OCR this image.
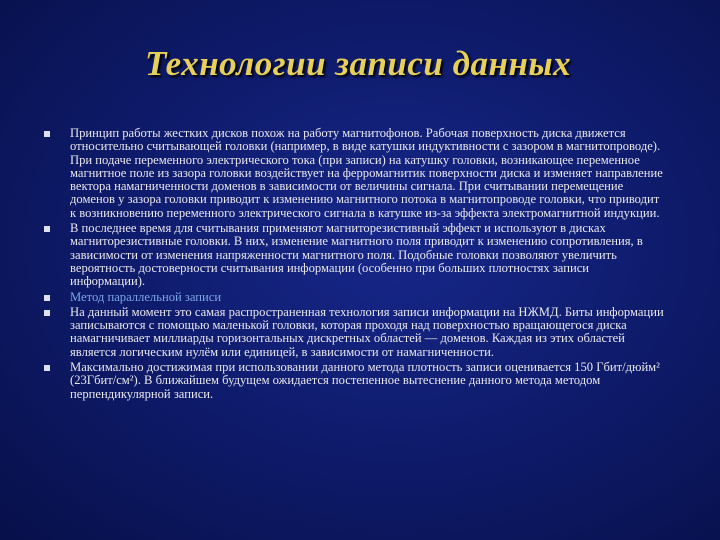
Технологии записи данных
Принцип работы жестких дисков похож на работу магнитофонов. Рабочая поверхность диска движется относительно считывающей головки (например, в виде катушки индуктивности с зазором в магнитопроводе). При подаче переменного электрического тока (при записи) на катушку головки, возникающее переменное магнитное поле из зазора головки воздействует на ферромагнитик поверхности диска и изменяет направление вектора намагниченности доменов в зависимости от величины сигнала. При считывании перемещение доменов у зазора головки приводит к изменению магнитного потока в магнитопроводе головки, что приводит к возникновению переменного электрического сигнала в катушке из-за эффекта электромагнитной индукции.
В последнее время для считывания применяют магниторезистивный эффект и используют в дисках магниторезистивные головки. В них, изменение магнитного поля приводит к изменению сопротивления, в зависимости от изменения напряженности магнитного поля. Подобные головки позволяют увеличить вероятность достоверности считывания информации (особенно при больших плотностях записи информации).
Метод параллельной записи
На данный момент это самая распространенная технология записи информации на НЖМД. Биты информации записываются с помощью маленькой головки, которая проходя над поверхностью вращающегося диска намагничивает миллиарды горизонтальных дискретных областей — доменов. Каждая из этих областей является логическим нулём или единицей, в зависимости от намагниченности.
Максимально достижимая при использовании данного метода плотность записи оценивается 150 Гбит/дюйм² (23Гбит/см²). В ближайшем будущем ожидается постепенное вытеснение данного метода методом перпендикулярной записи.
